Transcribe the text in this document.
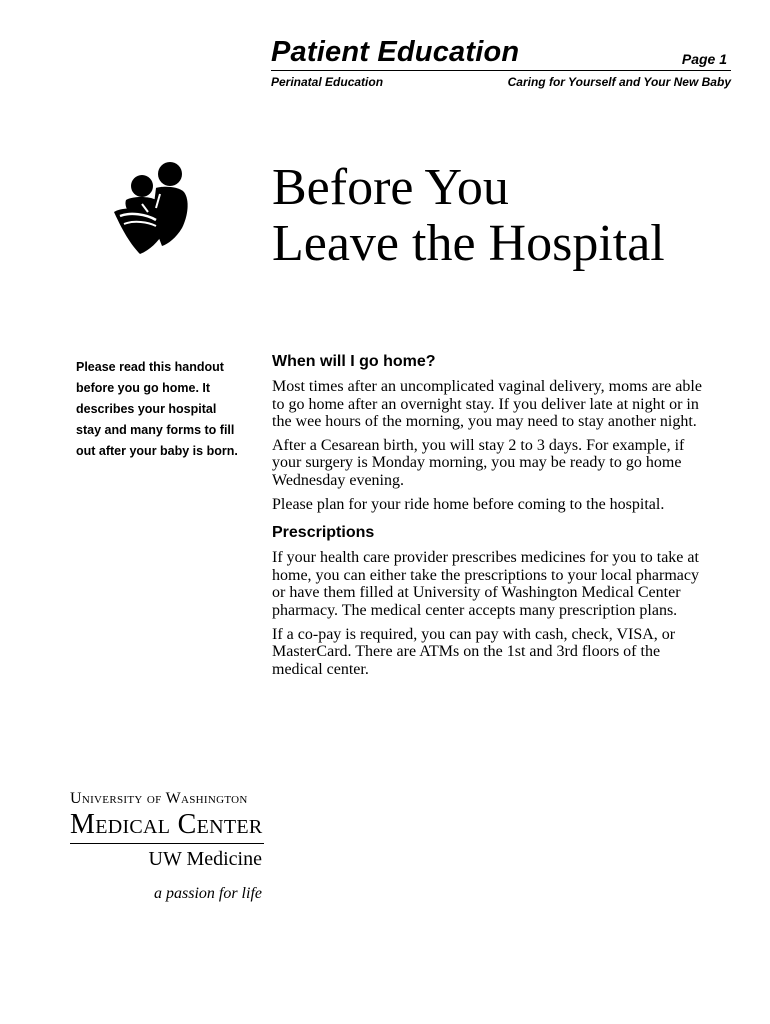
Patient Education	Page 1
Perinatal Education	Caring for Yourself and Your New Baby
Before You
Leave the Hospital
Please read this handout before you go home. It describes your hospital stay and many forms to fill out after your baby is born.
When will I go home?

Most times after an uncomplicated vaginal delivery, moms are able to go home after an overnight stay. If you deliver late at night or in the wee hours of the morning, you may need to stay another night.

After a Cesarean birth, you will stay 2 to 3 days. For example, if your surgery is Monday morning, you may be ready to go home Wednesday evening.

Please plan for your ride home before coming to the hospital.

Prescriptions

If your health care provider prescribes medicines for you to take at home, you can either take the prescriptions to your local pharmacy or have them filled at University of Washington Medical Center pharmacy. The medical center accepts many prescription plans.

If a co-pay is required, you can pay with cash, check, VISA, or MasterCard. There are ATMs on the 1st and 3rd floors of the medical center.

University of Washington
Medical Center
UW Medicine
a passion for life
